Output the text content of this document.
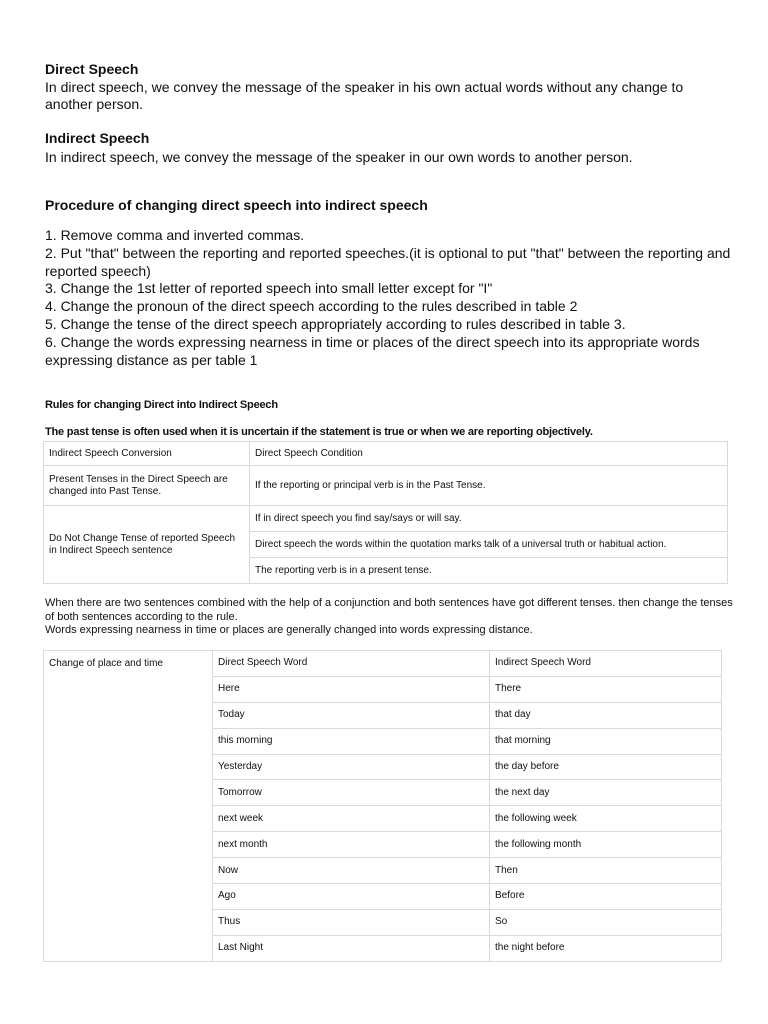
Direct Speech

In direct speech, we convey the message of the speaker in his own actual words without any change to another person.

Indirect Speech

In indirect speech, we convey the message of the speaker in our own words to another person.

Procedure of changing direct speech into indirect speech
1. Remove comma and inverted commas.
2. Put "that" between the reporting and reported speeches.(it is optional to put "that" between the reporting and reported speech)
3. Change the 1st letter of reported speech into small letter except for "I"
4. Change the pronoun of the direct speech according to the rules described in table 2
5. Change the tense of the direct speech appropriately according to rules described in table 3.
6. Change the words expressing nearness in time or places of the direct speech into its appropriate words expressing distance as per table 1

Rules for changing Direct into Indirect Speech

The past tense is often used when it is uncertain if the statement is true or when we are reporting objectively.

Indirect Speech Conversion	Direct Speech Condition
Present Tenses in the Direct Speech are changed into Past Tense.	If the reporting or principal verb is in the Past Tense.
Do Not Change Tense of reported Speech in Indirect Speech sentence	If in direct speech you find say/says or will say.
	Direct speech the words within the quotation marks talk of a universal truth or habitual action.
	The reporting verb is in a present tense.

When there are two sentences combined with the help of a conjunction and both sentences have got different tenses. then change the tenses of both sentences according to the rule.

Words expressing nearness in time or places are generally changed into words expressing distance.

Change of place and time	Direct Speech Word	Indirect Speech Word
	Here	There
	Today	that day
	this morning	that morning
	Yesterday	the day before
	Tomorrow	the next day
	next week	the following week
	next month	the following month
	Now	Then
	Ago	Before
	Thus	So
	Last Night	the night before
